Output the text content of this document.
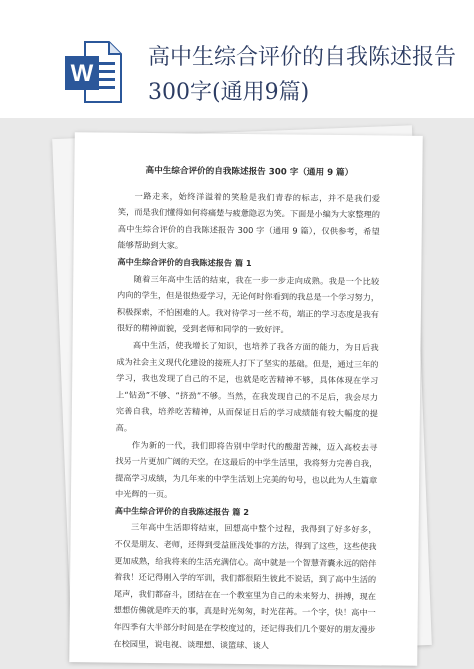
W
高中生综合评价的自我陈述报告300字(通用9篇)

高中生综合评价的自我陈述报告 300 字（通用 9 篇）

一路走来，始终洋溢着的笑脸是我们青春的标志，并不是我们爱笑，而是我们懂得如何将痛楚与疲惫隐忍为笑。下面是小编为大家整理的高中生综合评价的自我陈述报告 300 字（通用 9 篇），仅供参考，希望能够帮助到大家。

高中生综合评价的自我陈述报告 篇 1

随着三年高中生活的结束，我在一步一步走向成熟。我是一个比较内向的学生，但是很热爱学习，无论何时你看到的我总是一个学习努力，积极探索，不怕困难的人。我对待学习一丝不苟，端正的学习态度是我有很好的精神面貌，受到老师和同学的一致好评。

高中生活，使我增长了知识，也培养了我各方面的能力，为日后我成为社会主义现代化建设的接班人打下了坚实的基础。但是，通过三年的学习，我也发现了自己的不足，也就是吃苦精神不够，具体体现在学习上“钻劲”不够、“挤劲”不够。当然，在我发现自己的不足后，我会尽力完善自我，培养吃苦精神，从而保证日后的学习成绩能有较大幅度的提高。

作为新的一代，我们即将告别中学时代的酸甜苦辣，迈入高校去寻找另一片更加广阔的天空。在这最后的中学生活里，我将努力完善自我，提高学习成绩，为几年来的中学生活划上完美的句号，也以此为人生篇章中光辉的一页。

高中生综合评价的自我陈述报告 篇 2

三年高中生活即将结束，回想高中整个过程，我得到了好多好多，不仅是朋友、老师，还得到受益匪浅处事的方法，得到了这些，这些使我更加成熟，给我将来的生活充满信心。高中就是一个智慧背囊永远的陪伴着我！还记得刚入学的军训，我们都很陌生彼此不说话，到了高中生活的尾声，我们都奋斗，团结在在一个教室里为自己的未来努力、拼搏，现在想想仿佛就是昨天的事，真是时光匆匆，时光荏苒。一个字，快！高中一年四季有大半部分时间是在学校度过的，还记得我们几个要好的朋友漫步在校园里，说电视、谈理想、谈篮球、谈人
